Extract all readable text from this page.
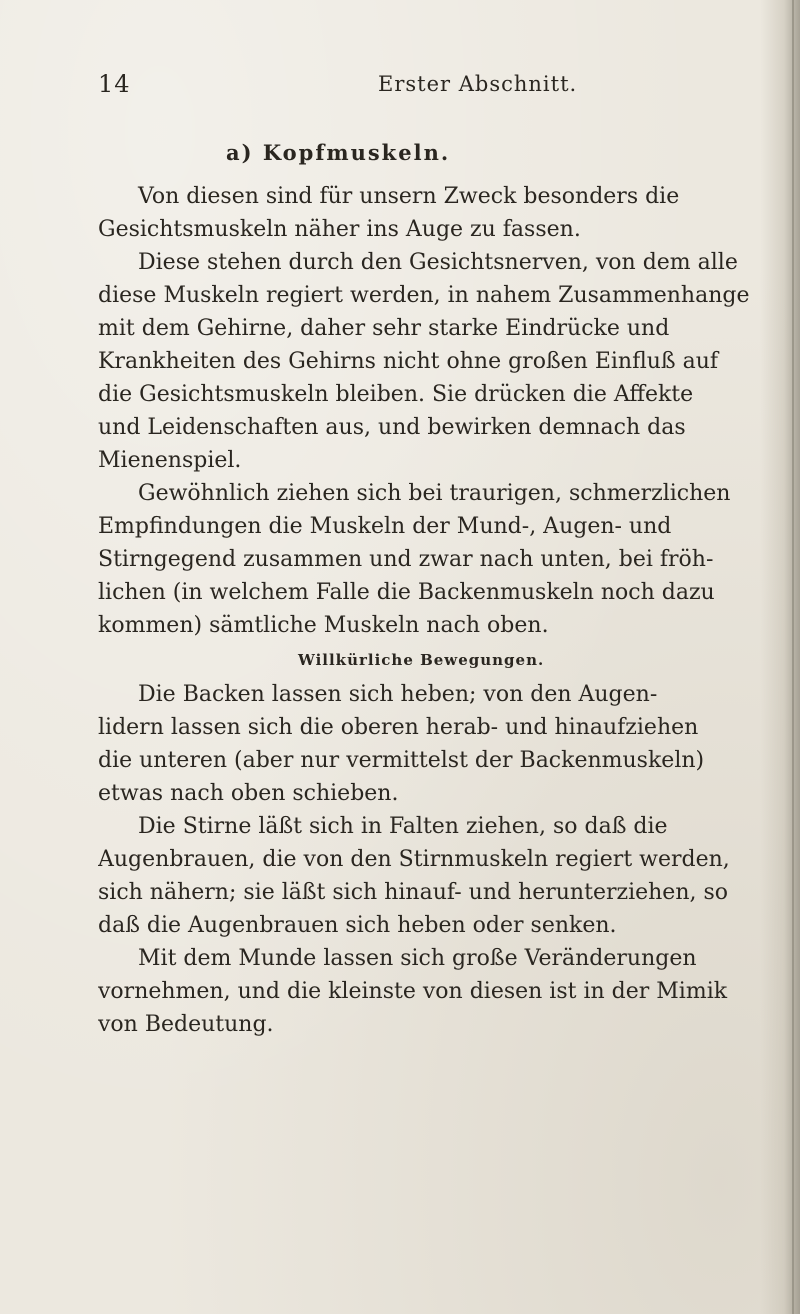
14	Erster Abschnitt.
a) Kopfmuskeln.
Von diesen sind für unsern Zweck besonders die
Gesichtsmuskeln näher ins Auge zu fassen.
Diese stehen durch den Gesichtsnerven, von dem alle
diese Muskeln regiert werden, in nahem Zusammenhange
mit dem Gehirne, daher sehr starke Eindrücke und
Krankheiten des Gehirns nicht ohne großen Einfluß auf
die Gesichtsmuskeln bleiben. Sie drücken die Affekte
und Leidenschaften aus, und bewirken demnach das
Mienenspiel.
Gewöhnlich ziehen sich bei traurigen, schmerzlichen
Empfindungen die Muskeln der Mund-, Augen- und
Stirngegend zusammen und zwar nach unten, bei fröh-
lichen (in welchem Falle die Backenmuskeln noch dazu
kommen) sämtliche Muskeln nach oben.
Willkürliche Bewegungen.
Die Backen lassen sich heben; von den Augen-
lidern lassen sich die oberen herab- und hinaufziehen
die unteren (aber nur vermittelst der Backenmuskeln)
etwas nach oben schieben.
Die Stirne läßt sich in Falten ziehen, so daß die
Augenbrauen, die von den Stirnmuskeln regiert werden,
sich nähern; sie läßt sich hinauf- und herunterziehen, so
daß die Augenbrauen sich heben oder senken.
Mit dem Munde lassen sich große Veränderungen
vornehmen, und die kleinste von diesen ist in der Mimik
von Bedeutung.
